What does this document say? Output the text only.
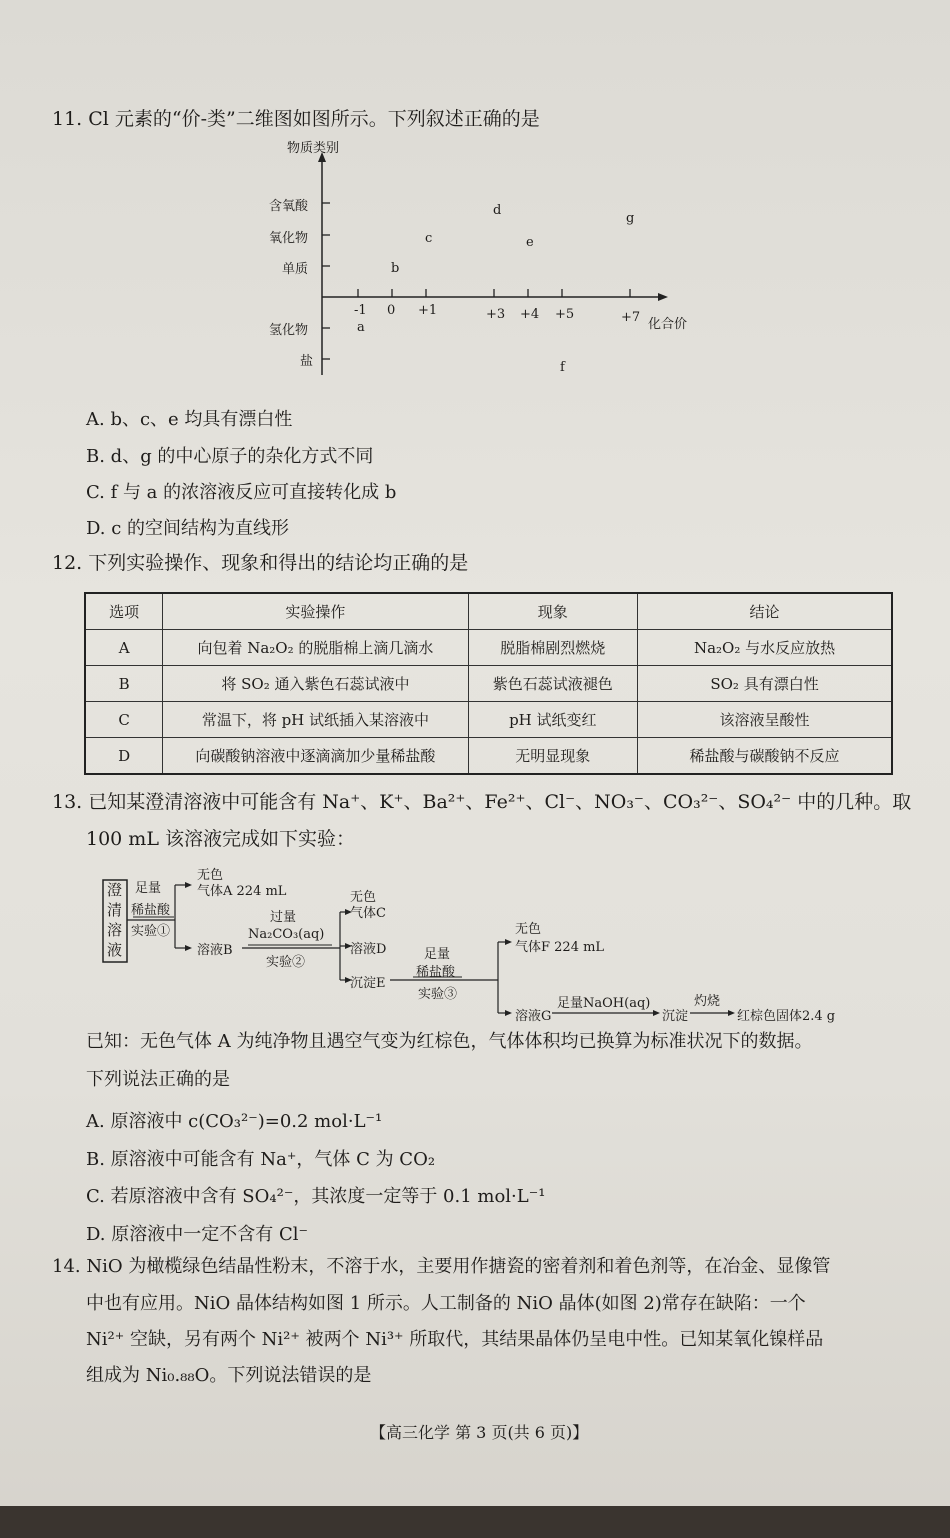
11. Cl 元素的“价-类”二维图如图所示。下列叙述正确的是
物质类别
化合价
含氧酸
氧化物
单质
氢化物
盐
-1 0 +1	+3 +4 +5	+7
a
b
c
d
e
f
g
A. b、c、e 均具有漂白性
B. d、g 的中心原子的杂化方式不同
C. f 与 a 的浓溶液反应可直接转化成 b
D. c 的空间结构为直线形
12. 下列实验操作、现象和得出的结论均正确的是
选项	实验操作	现象	结论
A	向包着 Na₂O₂ 的脱脂棉上滴几滴水	脱脂棉剧烈燃烧	Na₂O₂ 与水反应放热
B	将 SO₂ 通入紫色石蕊试液中	紫色石蕊试液褪色	SO₂ 具有漂白性
C	常温下，将 pH 试纸插入某溶液中	pH 试纸变红	该溶液呈酸性
D	向碳酸钠溶液中逐滴滴加少量稀盐酸	无明显现象	稀盐酸与碳酸钠不反应
13. 已知某澄清溶液中可能含有 Na⁺、K⁺、Ba²⁺、Fe²⁺、Cl⁻、NO₃⁻、CO₃²⁻、SO₄²⁻ 中的几种。取
100 mL 该溶液完成如下实验：
澄清溶液
足量
稀盐酸
实验①
无色
气体A 224 mL
溶液B
过量
Na₂CO₃(aq)
实验②
无色
气体C
溶液D
沉淀E
足量
稀盐酸
实验③
无色
气体F 224 mL
溶液G
足量NaOH(aq)
沉淀
灼烧
红棕色固体2.4 g
已知：无色气体 A 为纯净物且遇空气变为红棕色，气体体积均已换算为标准状况下的数据。
下列说法正确的是
A. 原溶液中 c(CO₃²⁻)=0.2 mol·L⁻¹
B. 原溶液中可能含有 Na⁺，气体 C 为 CO₂
C. 若原溶液中含有 SO₄²⁻，其浓度一定等于 0.1 mol·L⁻¹
D. 原溶液中一定不含有 Cl⁻
14. NiO 为橄榄绿色结晶性粉末，不溶于水，主要用作搪瓷的密着剂和着色剂等，在冶金、显像管
中也有应用。NiO 晶体结构如图 1 所示。人工制备的 NiO 晶体(如图 2)常存在缺陷：一个
Ni²⁺ 空缺，另有两个 Ni²⁺ 被两个 Ni³⁺ 所取代，其结果晶体仍呈电中性。已知某氧化镍样品
组成为 Ni₀.₈₈O。下列说法错误的是
【高三化学 第 3 页(共 6 页)】
